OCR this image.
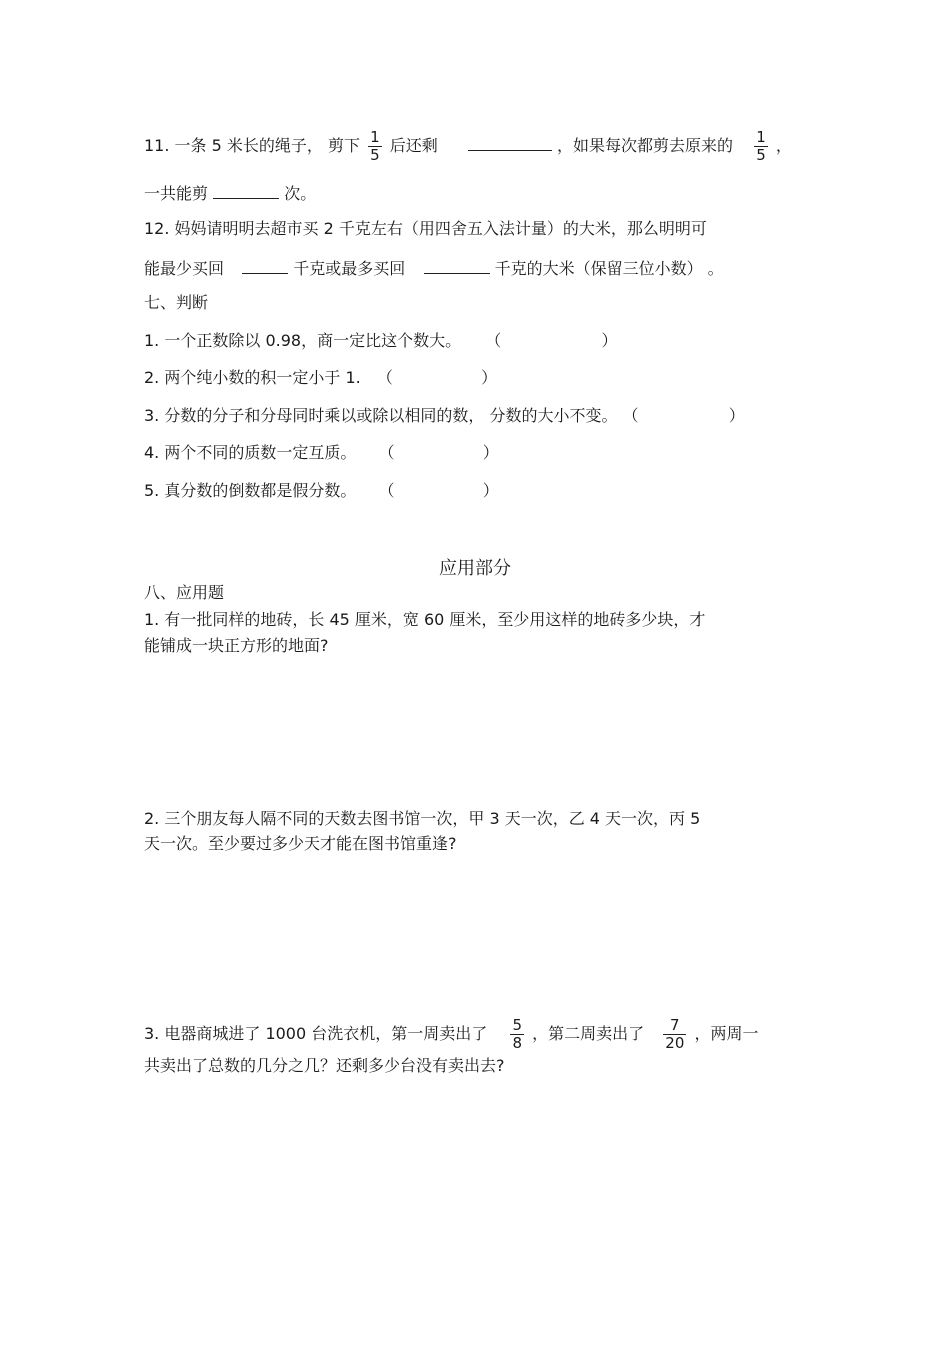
11. 一条 5 米长的绳子， 剪下 $\frac{1}{5}$ 后还剩	，如果每次都剪去原来的 $\frac{1}{5}$ ，
一共能剪	次。
12. 妈妈请明明去超市买 2 千克左右（用四舍五入法计量）的大米，那么明明可
能最少买回	千克或最多买回	千克的大米（保留三位小数） 。
七、判断
1. 一个正数除以 0.98，商一定比这个数大。 （	）
2. 两个纯小数的积一定小于 1. （	）
3. 分数的分子和分母同时乘以或除以相同的数， 分数的大小不变。 （	）
4. 两个不同的质数一定互质。 （	）
5. 真分数的倒数都是假分数。 （	）
应用部分
八、应用题
1. 有一批同样的地砖，长 45 厘米，宽 60 厘米，至少用这样的地砖多少块，才
能铺成一块正方形的地面?
2. 三个朋友每人隔不同的天数去图书馆一次，甲 3 天一次，乙 4 天一次，丙 5
天一次。至少要过多少天才能在图书馆重逢?
3. 电器商城进了 1000 台洗衣机，第一周卖出了 $\frac{5}{8}$ ，第二周卖出了 $\frac{7}{20}$ ，两周一
共卖出了总数的几分之几？还剩多少台没有卖出去?
